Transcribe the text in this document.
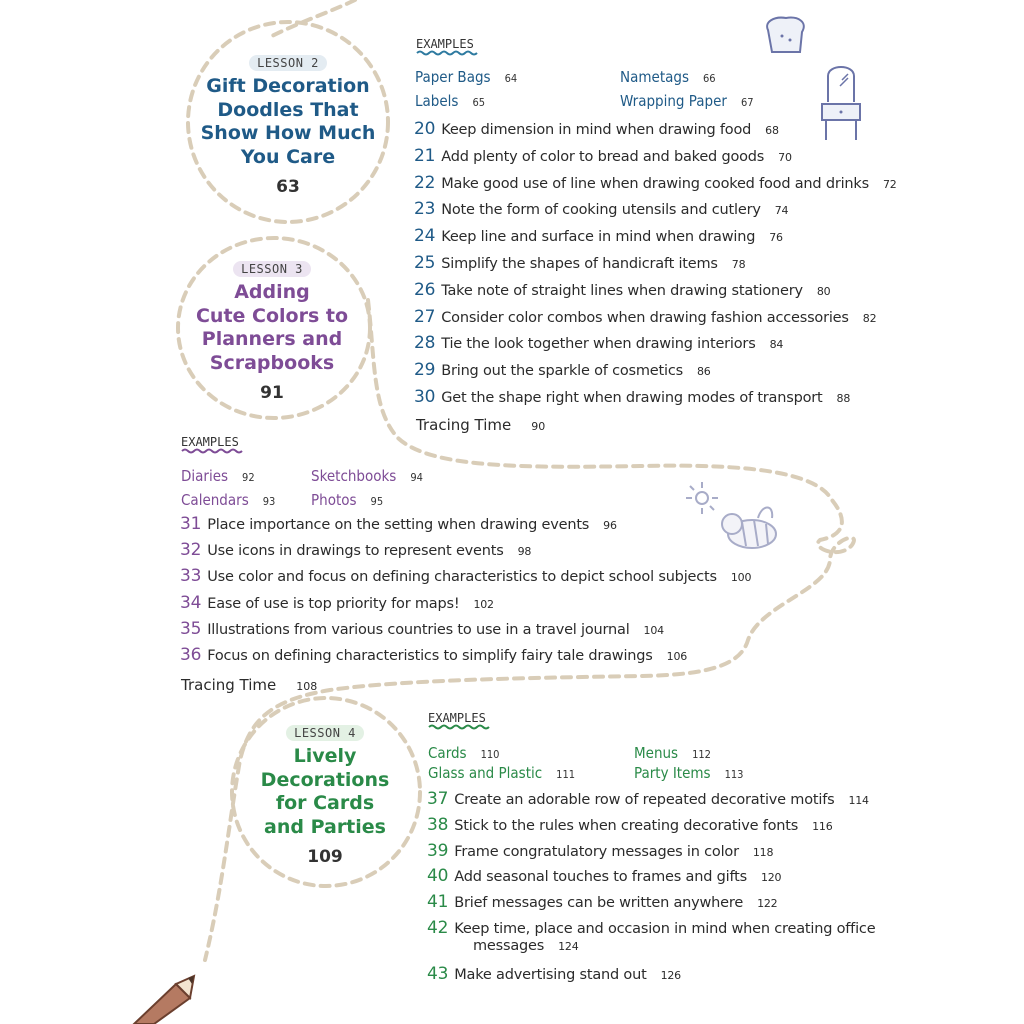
LESSON 2
Gift Decoration
Doodles That
Show How Much
You Care
63
EXAMPLES
Paper Bags 64	Nametags 66
Labels 65	Wrapping Paper 67
20 Keep dimension in mind when drawing food 68
21 Add plenty of color to bread and baked goods 70
22 Make good use of line when drawing cooked food and drinks 72
23 Note the form of cooking utensils and cutlery 74
24 Keep line and surface in mind when drawing 76
25 Simplify the shapes of handicraft items 78
26 Take note of straight lines when drawing stationery 80
27 Consider color combos when drawing fashion accessories 82
28 Tie the look together when drawing interiors 84
29 Bring out the sparkle of cosmetics 86
30 Get the shape right when drawing modes of transport 88
Tracing Time 90
LESSON 3
Adding
Cute Colors to
Planners and
Scrapbooks
91
EXAMPLES
Diaries 92	Sketchbooks 94
Calendars 93 Photos 95
31 Place importance on the setting when drawing events 96
32 Use icons in drawings to represent events 98
33 Use color and focus on defining characteristics to depict school subjects 100
34 Ease of use is top priority for maps! 102
35 Illustrations from various countries to use in a travel journal 104
36 Focus on defining characteristics to simplify fairy tale drawings 106
Tracing Time 108
LESSON 4
Lively
Decorations
for Cards
and Parties
109
EXAMPLES
Cards 110	Menus 112
Glass and Plastic 111	Party Items 113
37 Create an adorable row of repeated decorative motifs 114
38 Stick to the rules when creating decorative fonts 116
39 Frame congratulatory messages in color 118
40 Add seasonal touches to frames and gifts 120
41 Brief messages can be written anywhere 122
42 Keep time, place and occasion in mind when creating office
messages 124
43 Make advertising stand out 126
